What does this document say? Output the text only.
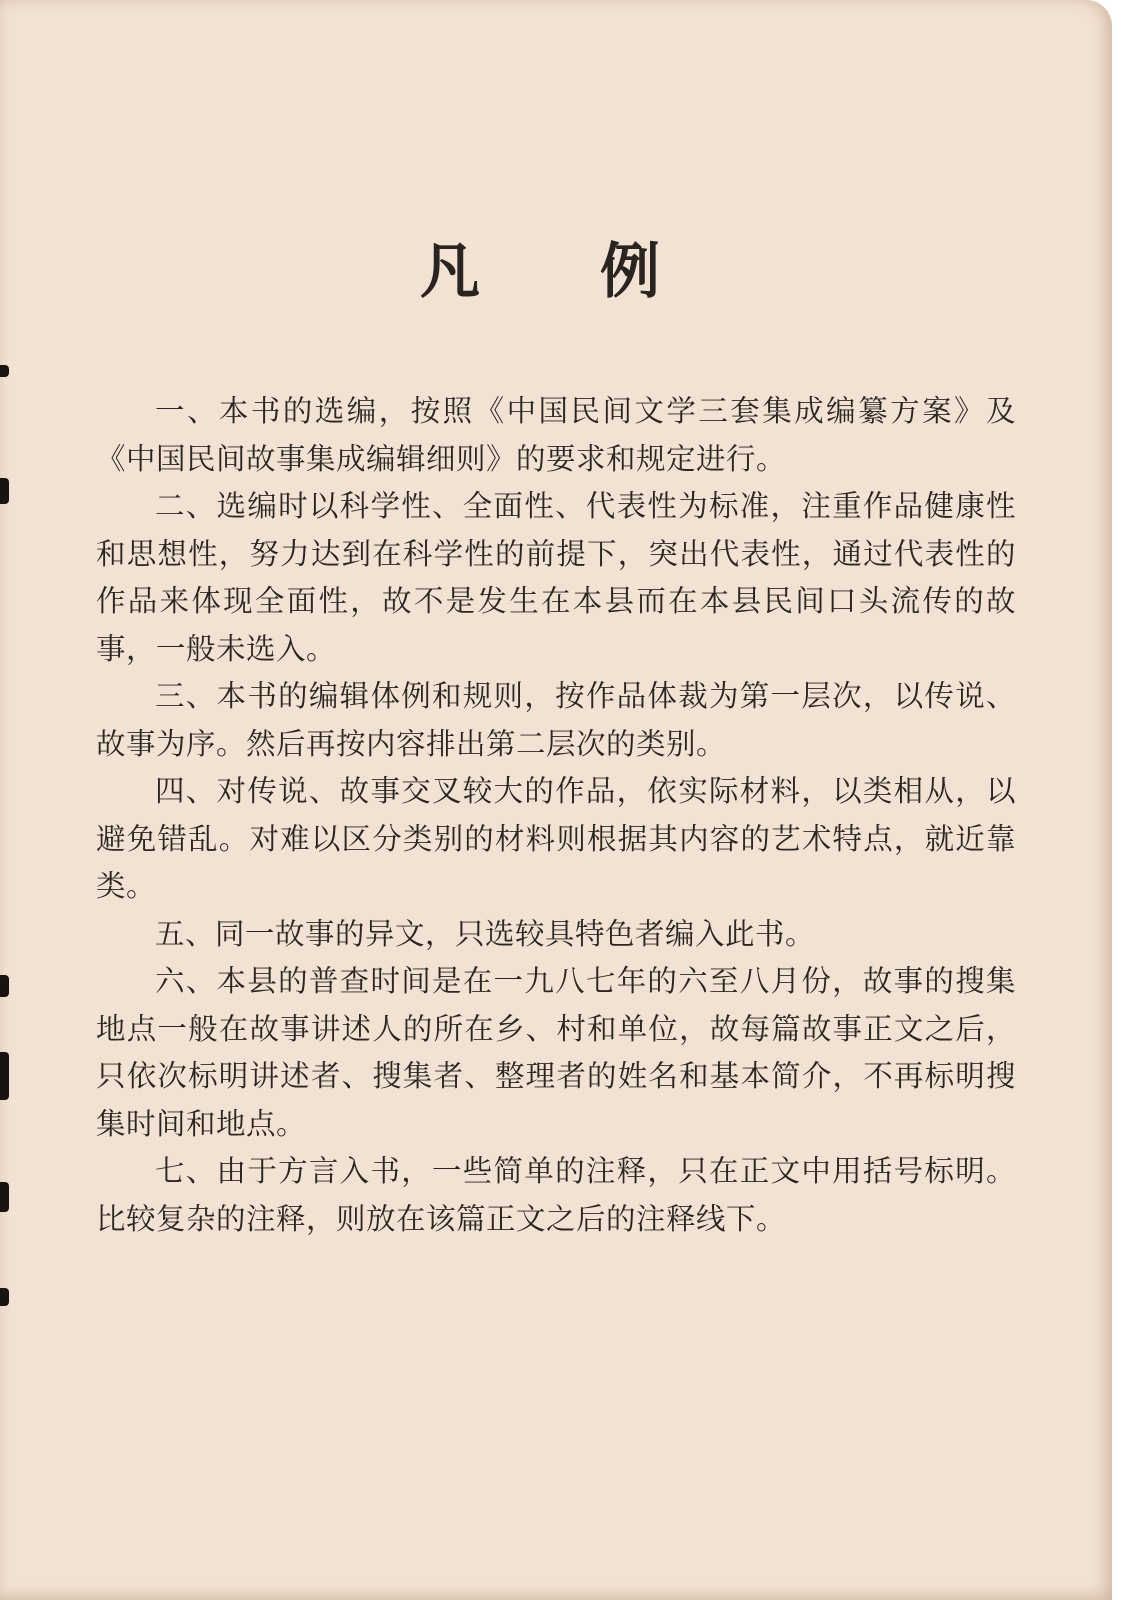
凡 例

一、本书的选编，按照《中国民间文学三套集成编纂方案》及《中国民间故事集成编辑细则》的要求和规定进行。

二、选编时以科学性、全面性、代表性为标准，注重作品健康性和思想性，努力达到在科学性的前提下，突出代表性，通过代表性的作品来体现全面性，故不是发生在本县而在本县民间口头流传的故事，一般未选入。

三、本书的编辑体例和规则，按作品体裁为第一层次，以传说、故事为序。然后再按内容排出第二层次的类别。

四、对传说、故事交叉较大的作品，依实际材料，以类相从，以避免错乱。对难以区分类别的材料则根据其内容的艺术特点，就近靠类。

五、同一故事的异文，只选较具特色者编入此书。

六、本县的普查时间是在一九八七年的六至八月份，故事的搜集地点一般在故事讲述人的所在乡、村和单位，故每篇故事正文之后，只依次标明讲述者、搜集者、整理者的姓名和基本简介，不再标明搜集时间和地点。

七、由于方言入书，一些简单的注释，只在正文中用括号标明。比较复杂的注释，则放在该篇正文之后的注释线下。
